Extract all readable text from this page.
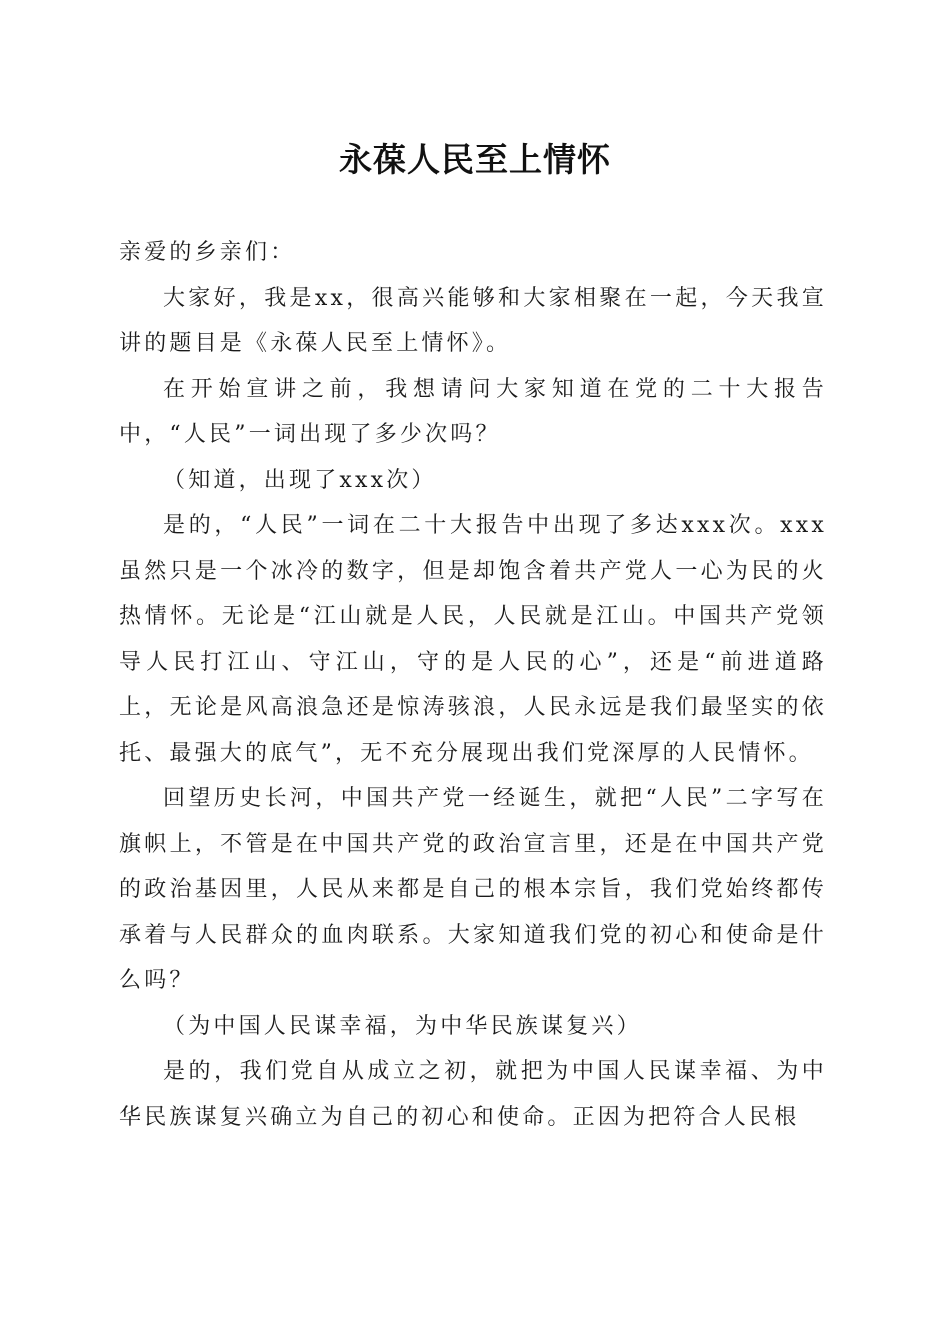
永葆人民至上情怀

亲爱的乡亲们：

大家好，我是xx，很高兴能够和大家相聚在一起，今天我宣讲的题目是《永葆人民至上情怀》。

在开始宣讲之前，我想请问大家知道在党的二十大报告中，“人民”一词出现了多少次吗？

（知道，出现了xxx次）

是的，“人民”一词在二十大报告中出现了多达xxx次。xxx虽然只是一个冰冷的数字，但是却饱含着共产党人一心为民的火热情怀。无论是“江山就是人民，人民就是江山。中国共产党领导人民打江山、守江山，守的是人民的心”，还是“前进道路上，无论是风高浪急还是惊涛骇浪，人民永远是我们最坚实的依托、最强大的底气”，无不充分展现出我们党深厚的人民情怀。

回望历史长河，中国共产党一经诞生，就把“人民”二字写在旗帜上，不管是在中国共产党的政治宣言里，还是在中国共产党的政治基因里，人民从来都是自己的根本宗旨，我们党始终都传承着与人民群众的血肉联系。大家知道我们党的初心和使命是什么吗？

（为中国人民谋幸福，为中华民族谋复兴）

是的，我们党自从成立之初，就把为中国人民谋幸福、为中华民族谋复兴确立为自己的初心和使命。正因为把符合人民根
